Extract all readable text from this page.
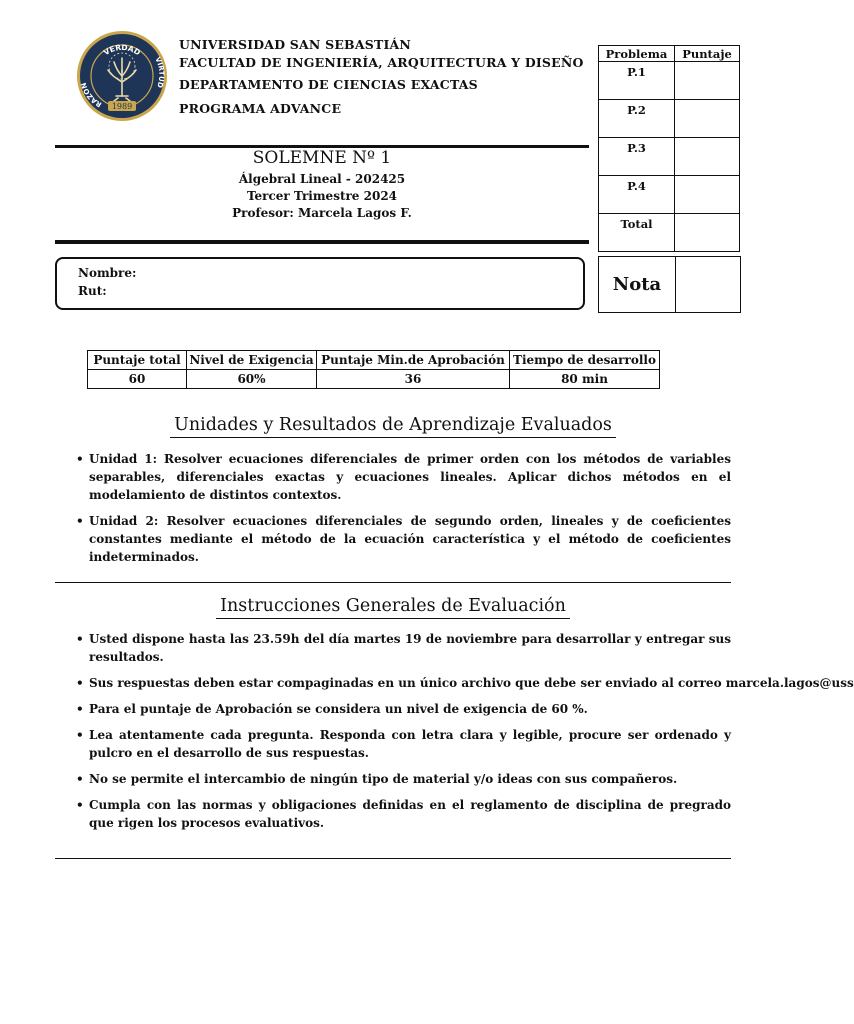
VERDAD
RAZON
VIRTUD
1989
UNIVERSIDAD SAN SEBASTIÁN
FACULTAD DE INGENIERÍA, ARQUITECTURA Y DISEÑO
DEPARTAMENTO DE CIENCIAS EXACTAS
PROGRAMA ADVANCE
SOLEMNE Nº 1
Álgebral Lineal - 202425
Tercer Trimestre 2024
Profesor: Marcela Lagos F.
Nombre:
Rut:
Problema	Puntaje
P.1	
P.2	
P.3	
P.4	
Total	
Nota
Puntaje total	Nivel de Exigencia	Puntaje Min.de Aprobación	Tiempo de desarrollo
60	60%	36	80 min
Unidades y Resultados de Aprendizaje Evaluados
• Unidad 1: Resolver ecuaciones diferenciales de primer orden con los métodos de variables separables, diferenciales exactas y ecuaciones lineales. Aplicar dichos métodos en el modelamiento de distintos contextos.
• Unidad 2: Resolver ecuaciones diferenciales de segundo orden, lineales y de coeficientes constantes mediante el método de la ecuación característica y el método de coeficientes indeterminados.
Instrucciones Generales de Evaluación
• Usted dispone hasta las 23.59h del día martes 19 de noviembre para desarrollar y entregar sus resultados.
• Sus respuestas deben estar compaginadas en un único archivo que debe ser enviado al correo marcela.lagos@uss
• Para el puntaje de Aprobación se considera un nivel de exigencia de 60 %.
• Lea atentamente cada pregunta. Responda con letra clara y legible, procure ser ordenado y pulcro en el desarrollo de sus respuestas.
• No se permite el intercambio de ningún tipo de material y/o ideas con sus compañeros.
• Cumpla con las normas y obligaciones definidas en el reglamento de disciplina de pregrado que rigen los procesos evaluativos.
